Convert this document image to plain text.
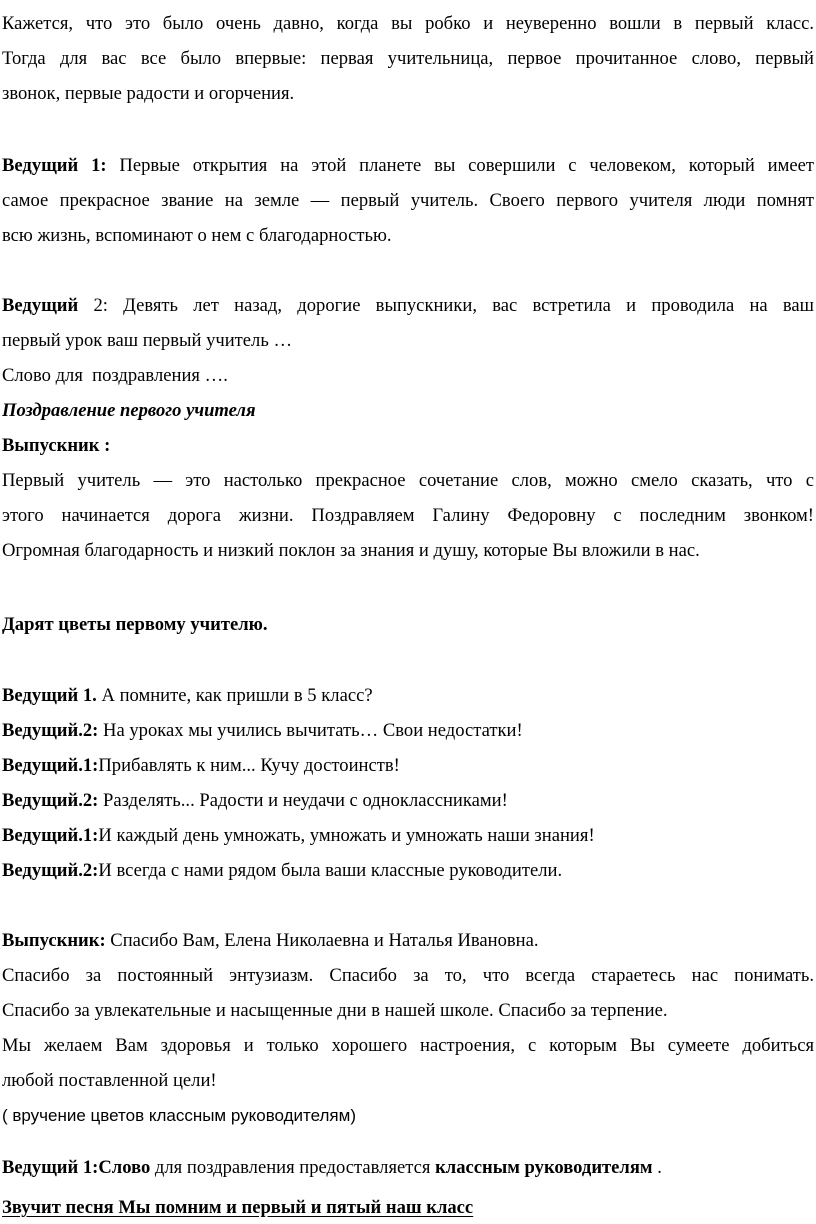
Кажется, что это было очень давно, когда вы робко и неуверенно вошли в первый класс.
Тогда для вас все было впервые: первая учительница, первое прочитанное слово, первый
звонок, первые радости и огорчения.
Ведущий 1: Первые открытия на этой планете вы совершили с человеком, который имеет
самое прекрасное звание на земле — первый учитель. Своего первого учителя люди помнят
всю жизнь, вспоминают о нем с благодарностью.
Ведущий 2: Девять лет назад, дорогие выпускники, вас встретила и проводила на ваш
первый урок ваш первый учитель …
Слово для  поздравления ….
Поздравление первого учителя
Выпускник :
Первый учитель — это настолько прекрасное сочетание слов, можно смело сказать, что с
этого начинается дорога жизни. Поздравляем Галину Федоровну с последним звонком!
Огромная благодарность и низкий поклон за знания и душу, которые Вы вложили в нас.
Дарят цветы первому учителю.
Ведущий 1. А помните, как пришли в 5 класс?
Ведущий.2: На уроках мы учились вычитать… Свои недостатки!
Ведущий.1:Прибавлять к ним... Кучу достоинств!
Ведущий.2: Разделять... Радости и неудачи с одноклассниками!
Ведущий.1:И каждый день умножать, умножать и умножать наши знания!
Ведущий.2:И всегда с нами рядом была ваши классные руководители.
Выпускник: Спасибо Вам, Елена Николаевна и Наталья Ивановна.
Спасибо за постоянный энтузиазм. Спасибо за то, что всегда стараетесь нас понимать.
Спасибо за увлекательные и насыщенные дни в нашей школе. Спасибо за терпение.
Мы желаем Вам здоровья и только хорошего настроения, с которым Вы сумеете добиться
любой поставленной цели!
( вручение цветов классным руководителям)
Ведущий 1:Слово для поздравления предоставляется классным руководителям .
Звучит песня Мы помним и первый и пятый наш класс
